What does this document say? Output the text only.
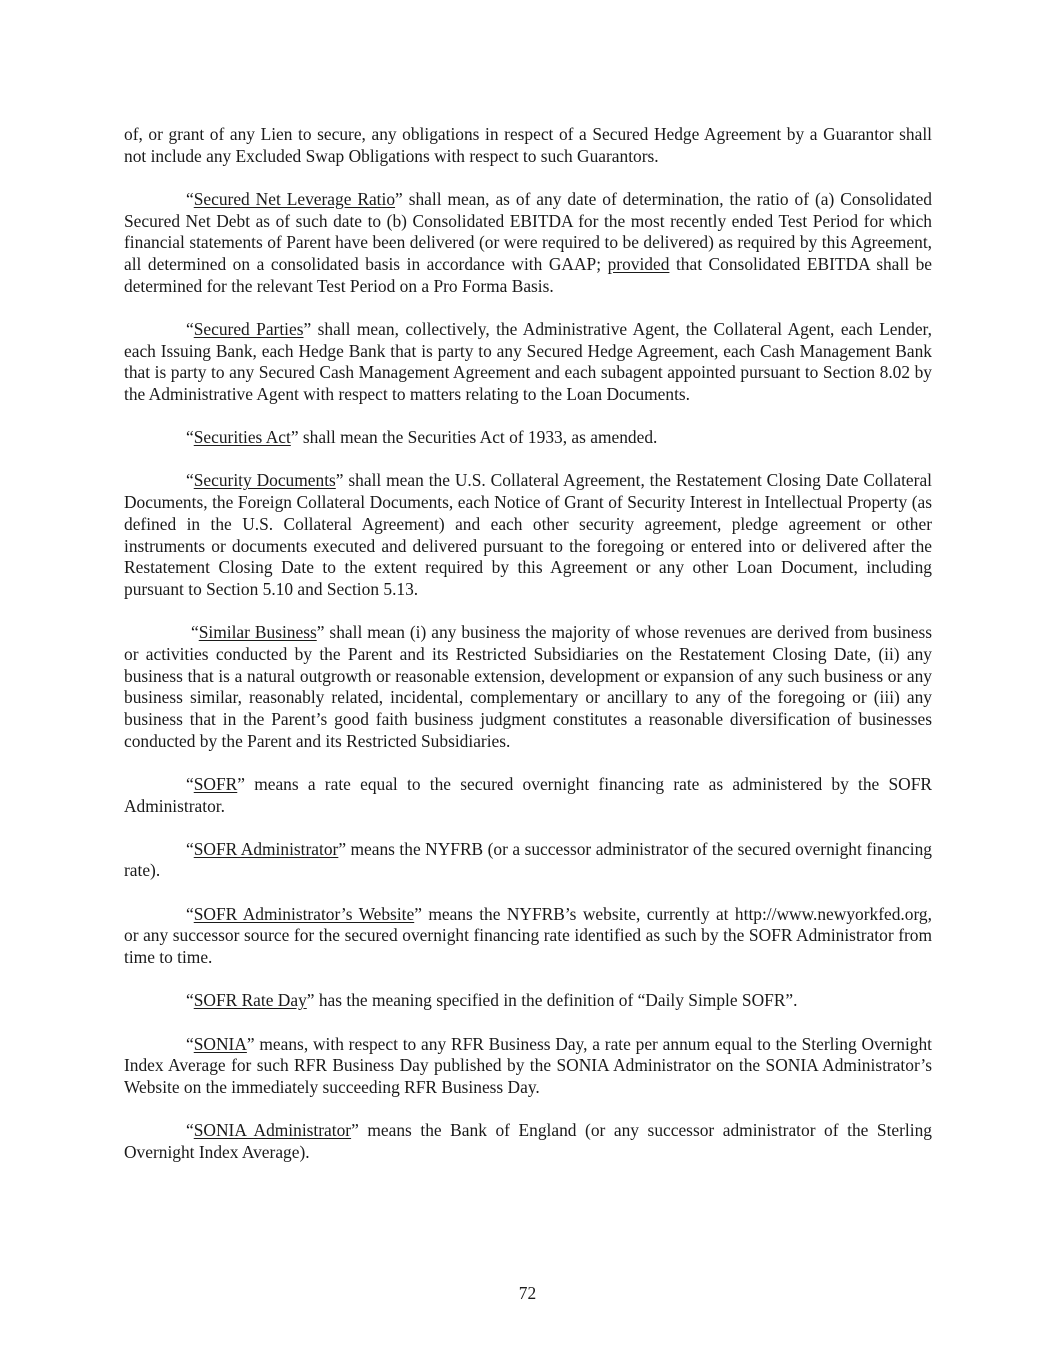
of, or grant of any Lien to secure, any obligations in respect of a Secured Hedge Agreement by a Guarantor shall not include any Excluded Swap Obligations with respect to such Guarantors.

“Secured Net Leverage Ratio” shall mean, as of any date of determination, the ratio of (a) Consolidated Secured Net Debt as of such date to (b) Consolidated EBITDA for the most recently ended Test Period for which financial statements of Parent have been delivered (or were required to be delivered) as required by this Agreement, all determined on a consolidated basis in accordance with GAAP; provided that Consolidated EBITDA shall be determined for the relevant Test Period on a Pro Forma Basis.

“Secured Parties” shall mean, collectively, the Administrative Agent, the Collateral Agent, each Lender, each Issuing Bank, each Hedge Bank that is party to any Secured Hedge Agreement, each Cash Management Bank that is party to any Secured Cash Management Agreement and each subagent appointed pursuant to Section 8.02 by the Administrative Agent with respect to matters relating to the Loan Documents.

“Securities Act” shall mean the Securities Act of 1933, as amended.

“Security Documents” shall mean the U.S. Collateral Agreement, the Restatement Closing Date Collateral Documents, the Foreign Collateral Documents, each Notice of Grant of Security Interest in Intellectual Property (as defined in the U.S. Collateral Agreement) and each other security agreement, pledge agreement or other instruments or documents executed and delivered pursuant to the foregoing or entered into or delivered after the Restatement Closing Date to the extent required by this Agreement or any other Loan Document, including pursuant to Section 5.10 and Section 5.13.

“Similar Business” shall mean (i) any business the majority of whose revenues are derived from business or activities conducted by the Parent and its Restricted Subsidiaries on the Restatement Closing Date, (ii) any business that is a natural outgrowth or reasonable extension, development or expansion of any such business or any business similar, reasonably related, incidental, complementary or ancillary to any of the foregoing or (iii) any business that in the Parent’s good faith business judgment constitutes a reasonable diversification of businesses conducted by the Parent and its Restricted Subsidiaries.

“SOFR” means a rate equal to the secured overnight financing rate as administered by the SOFR Administrator.

“SOFR Administrator” means the NYFRB (or a successor administrator of the secured overnight financing rate).

“SOFR Administrator’s Website” means the NYFRB’s website, currently at http://www.newyorkfed.org, or any successor source for the secured overnight financing rate identified as such by the SOFR Administrator from time to time.

“SOFR Rate Day” has the meaning specified in the definition of “Daily Simple SOFR”.

“SONIA” means, with respect to any RFR Business Day, a rate per annum equal to the Sterling Overnight Index Average for such RFR Business Day published by the SONIA Administrator on the SONIA Administrator’s Website on the immediately succeeding RFR Business Day.

“SONIA Administrator” means the Bank of England (or any successor administrator of the Sterling Overnight Index Average).

72
